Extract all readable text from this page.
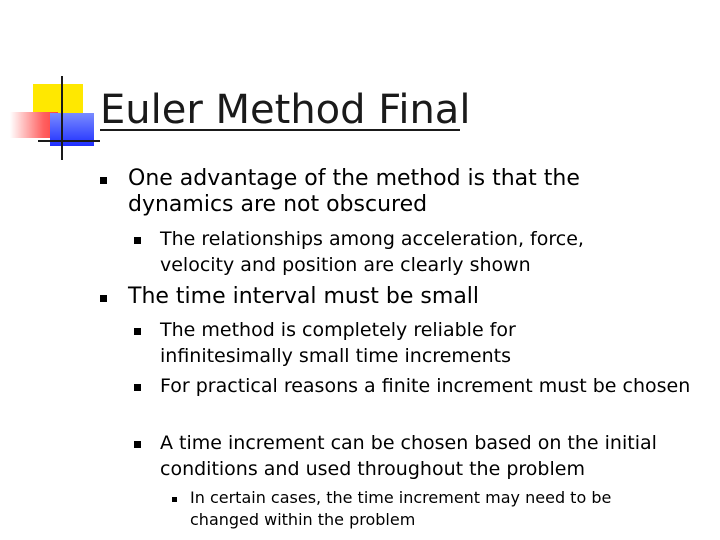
Euler Method Final
One advantage of the method is that the dynamics are not obscured
The relationships among acceleration, force, velocity and position are clearly shown
The time interval must be small
The method is completely reliable for infinitesimally small time increments
For practical reasons a finite increment must be chosen
A time increment can be chosen based on the initial conditions and used throughout the problem
In certain cases, the time increment may need to be changed within the problem
